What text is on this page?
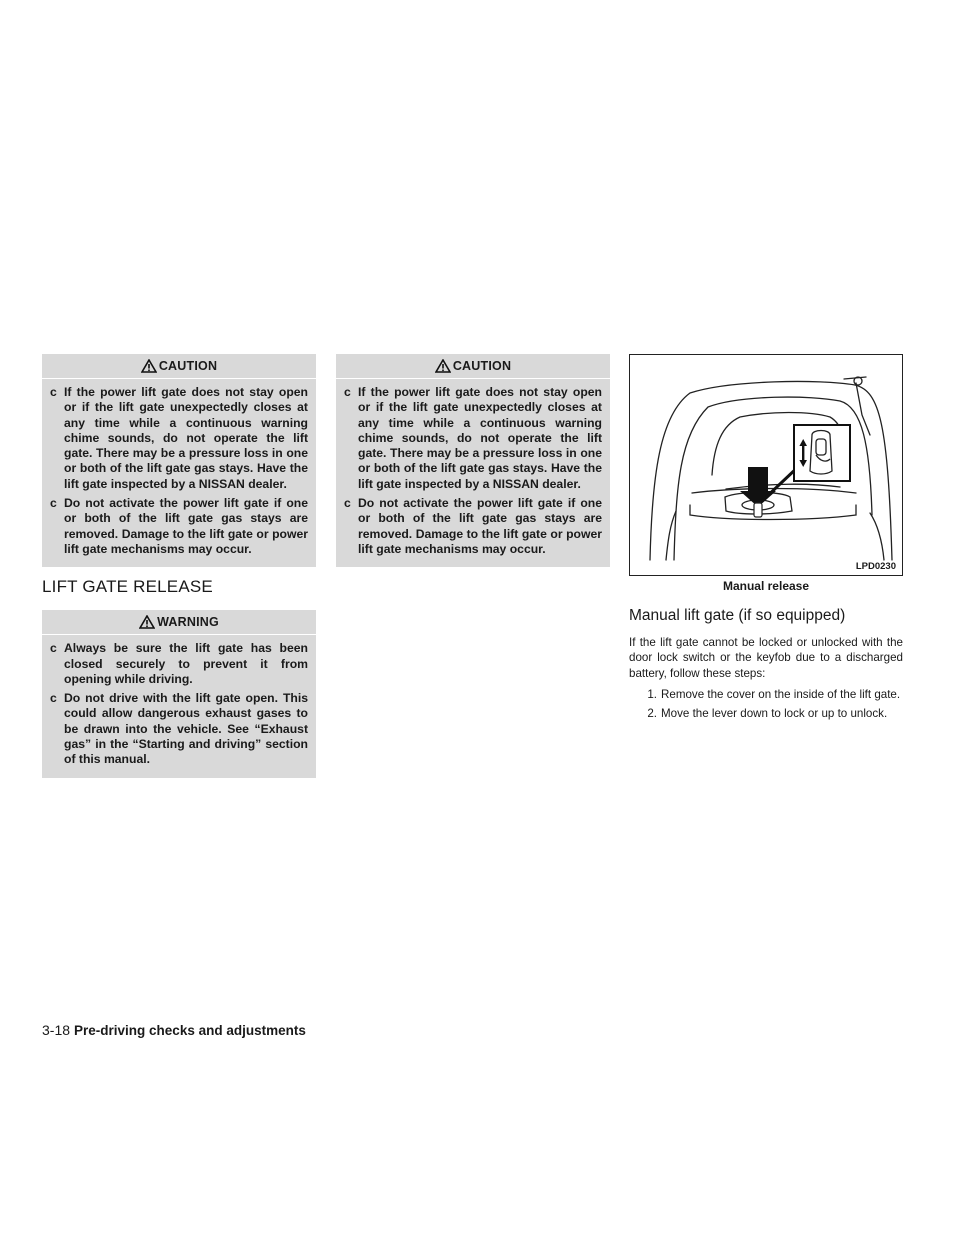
CAUTION
c If the power lift gate does not stay open or if the lift gate unexpectedly closes at any time while a continuous warning chime sounds, do not operate the lift gate. There may be a pressure loss in one or both of the lift gate gas stays. Have the lift gate inspected by a NISSAN dealer.
c Do not activate the power lift gate if one or both of the lift gate gas stays are removed. Damage to the lift gate or power lift gate mechanisms may occur.
LIFT GATE RELEASE
WARNING
c Always be sure the lift gate has been closed securely to prevent it from opening while driving.
c Do not drive with the lift gate open. This could allow dangerous exhaust gases to be drawn into the vehicle. See “Exhaust gas” in the “Starting and driving” section of this manual.
CAUTION
c If the power lift gate does not stay open or if the lift gate unexpectedly closes at any time while a continuous warning chime sounds, do not operate the lift gate. There may be a pressure loss in one or both of the lift gate gas stays. Have the lift gate inspected by a NISSAN dealer.
c Do not activate the power lift gate if one or both of the lift gate gas stays are removed. Damage to the lift gate or power lift gate mechanisms may occur.
LPD0230
Manual release
Manual lift gate (if so equipped)
If the lift gate cannot be locked or unlocked with the door lock switch or the keyfob due to a discharged battery, follow these steps:
1. Remove the cover on the inside of the lift gate.
2. Move the lever down to lock or up to unlock.
3-18 Pre-driving checks and adjustments
